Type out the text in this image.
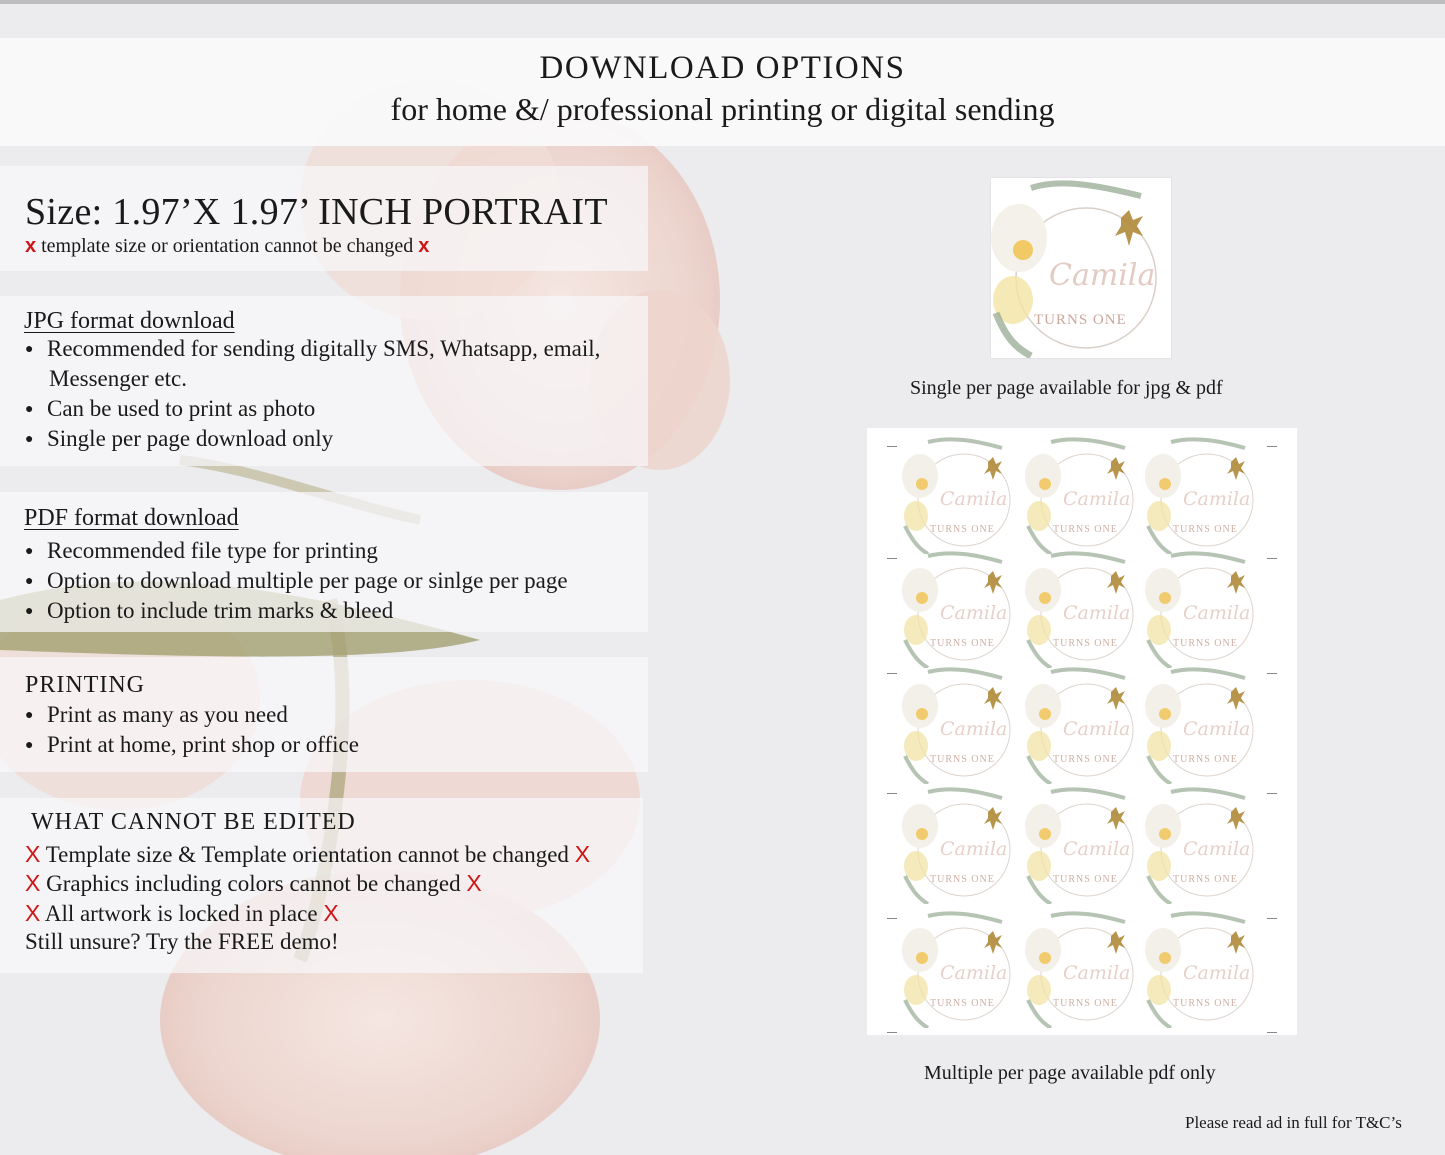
DOWNLOAD OPTIONS
for home &/ professional printing or digital sending
Size: 1.97’X 1.97’ INCH PORTRAIT
x template size or orientation cannot be changed x
JPG format download
● Recommended for sending digitally SMS, Whatsapp, email,
Messenger etc.
● Can be used to print as photo
● Single per page download only
PDF format download
● Recommended file type for printing
● Option to download multiple per page or sinlge per page
● Option to include trim marks & bleed
PRINTING
● Print as many as you need
● Print at home, print shop or office
WHAT CANNOT BE EDITED
X Template size & Template orientation cannot be changed X
X Graphics including colors cannot be changed X
X All artwork is locked in place X
Still unsure? Try the FREE demo!
Camila
TURNS ONE
Single per page available for jpg & pdf
Camila
TURNS ONE
Camila
TURNS ONE
Camila
TURNS ONE
Camila
TURNS ONE
Camila
TURNS ONE
Camila
TURNS ONE
Camila
TURNS ONE
Camila
TURNS ONE
Camila
TURNS ONE
Camila
TURNS ONE
Camila
TURNS ONE
Camila
TURNS ONE
Camila
TURNS ONE
Camila
TURNS ONE
Camila
TURNS ONE
Multiple per page available pdf only
Please read ad in full for T&C’s
